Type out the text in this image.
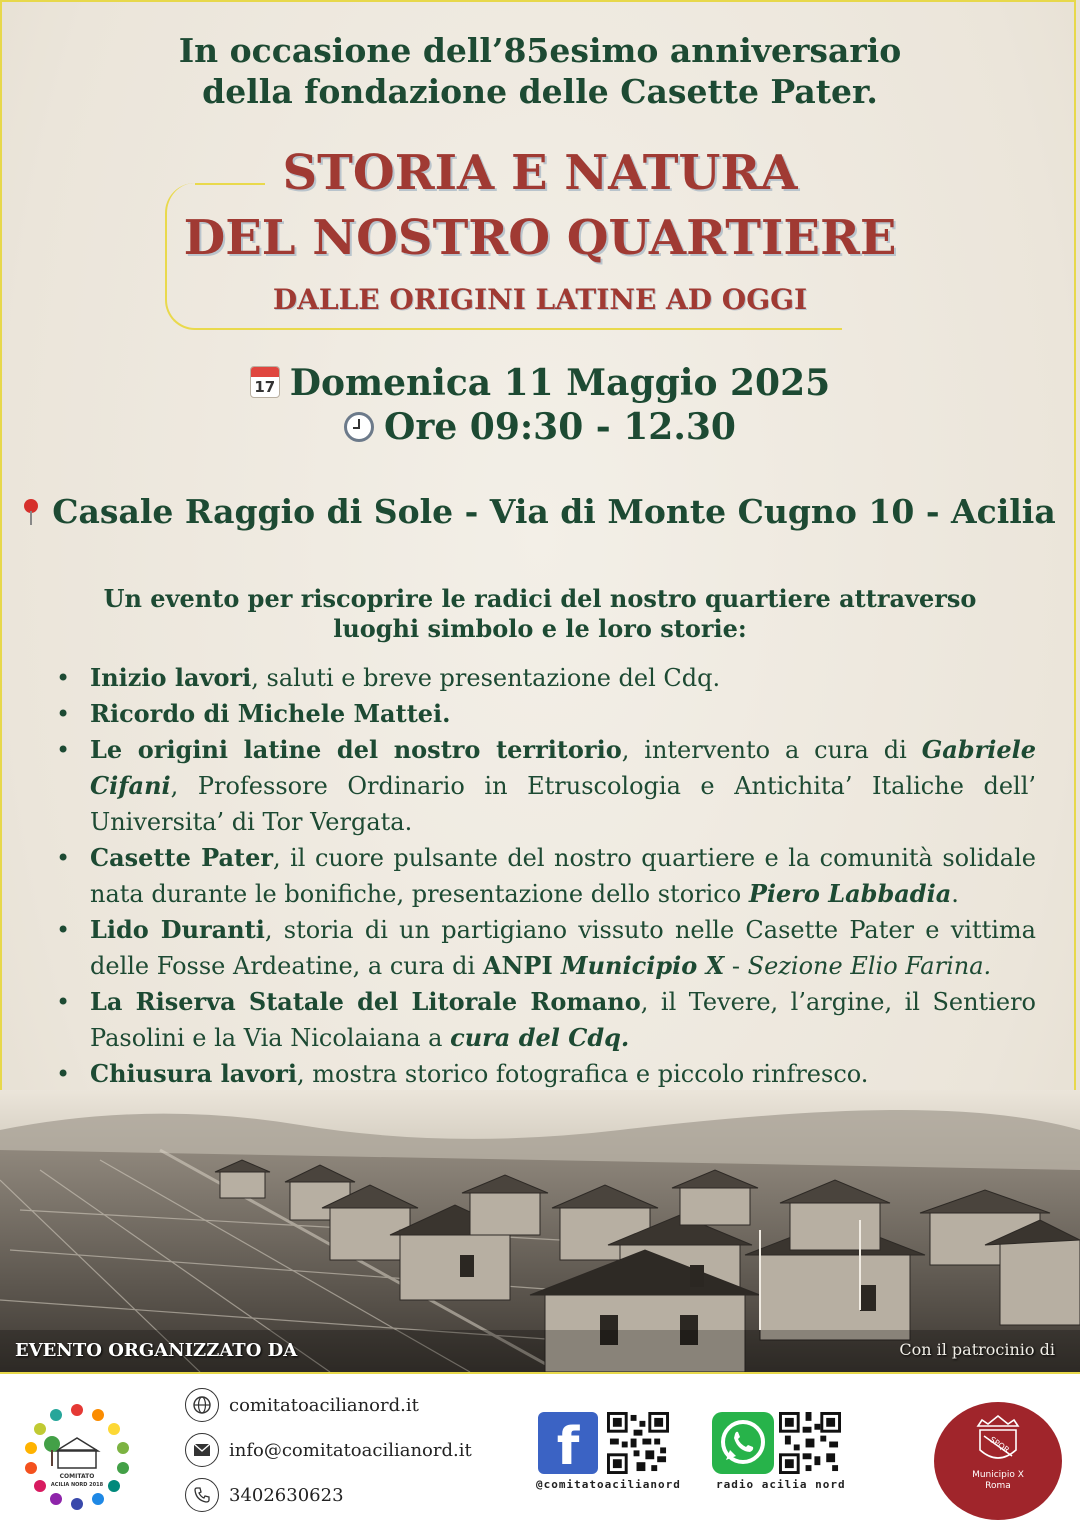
In occasione dell’85esimo anniversario
della fondazione delle Casette Pater.
STORIA E NATURA
DEL NOSTRO QUARTIERE
DALLE ORIGINI LATINE AD OGGI
17 Domenica 11 Maggio 2025
Ore 09:30 - 12.30
Casale Raggio di Sole - Via di Monte Cugno 10 - Acilia
Un evento per riscoprire le radici del nostro quartiere attraverso
luoghi simbolo e le loro storie:
• Inizio lavori, saluti e breve presentazione del Cdq.
• Ricordo di Michele Mattei.
• Le origini latine del nostro territorio, intervento a cura di Gabriele Cifani, Professore Ordinario in Etruscologia e Antichita’ Italiche dell’ Universita’ di Tor Vergata.
• Casette Pater, il cuore pulsante del nostro quartiere e la comunità solidale nata durante le bonifiche, presentazione dello storico Piero Labbadia.
• Lido Duranti, storia di un partigiano vissuto nelle Casette Pater e vittima delle Fosse Ardeatine, a cura di ANPI Municipio X - Sezione Elio Farina.
• La Riserva Statale del Litorale Romano, il Tevere, l’argine, il Sentiero Pasolini e la Via Nicolaiana a cura del Cdq.
• Chiusura lavori, mostra storico fotografica e piccolo rinfresco.
EVENTO ORGANIZZATO DA	Con il patrocinio di
COMITATO
ACILIA NORD 2018
comitatoacilianord.it
info@comitatoacilianord.it
3402630623
f
@comitatoacilianord	radio acilia nord
SPQR
Municipio X
Roma
